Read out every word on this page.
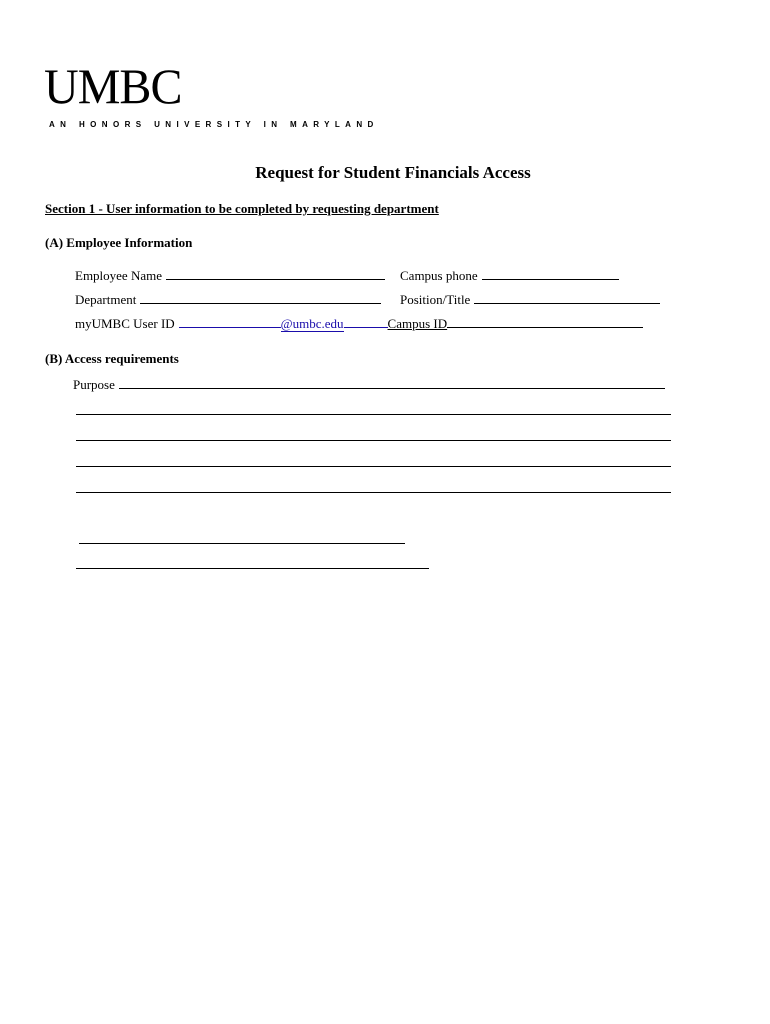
UMBC
AN HONORS UNIVERSITY IN MARYLAND
Request for Student Financials Access
Section 1 - User information to be completed by requesting department
(A) Employee Information
Employee Name	Campus phone
Department	Position/Title
myUMBC User ID	@umbc.edu	Campus ID
(B) Access requirements
Purpose
